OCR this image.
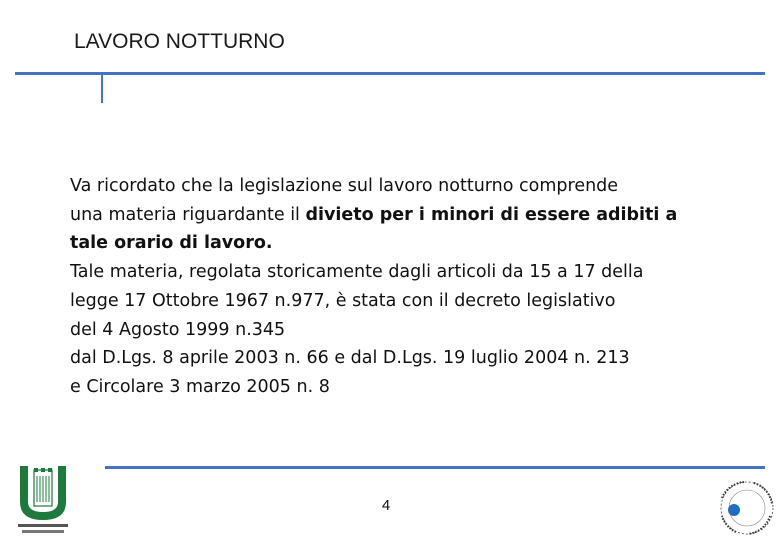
LAVORO NOTTURNO
Va ricordato che la legislazione sul lavoro notturno comprende
una materia riguardante il divieto per i minori di essere adibiti a
tale orario di lavoro.
Tale materia, regolata storicamente dagli articoli da 15 a 17 della
legge 17 Ottobre 1967 n.977, è stata con il decreto legislativo
del 4 Agosto 1999 n.345
dal D.Lgs. 8 aprile 2003 n. 66 e dal D.Lgs. 19 luglio 2004 n. 213
e Circolare 3 marzo 2005 n. 8
4
